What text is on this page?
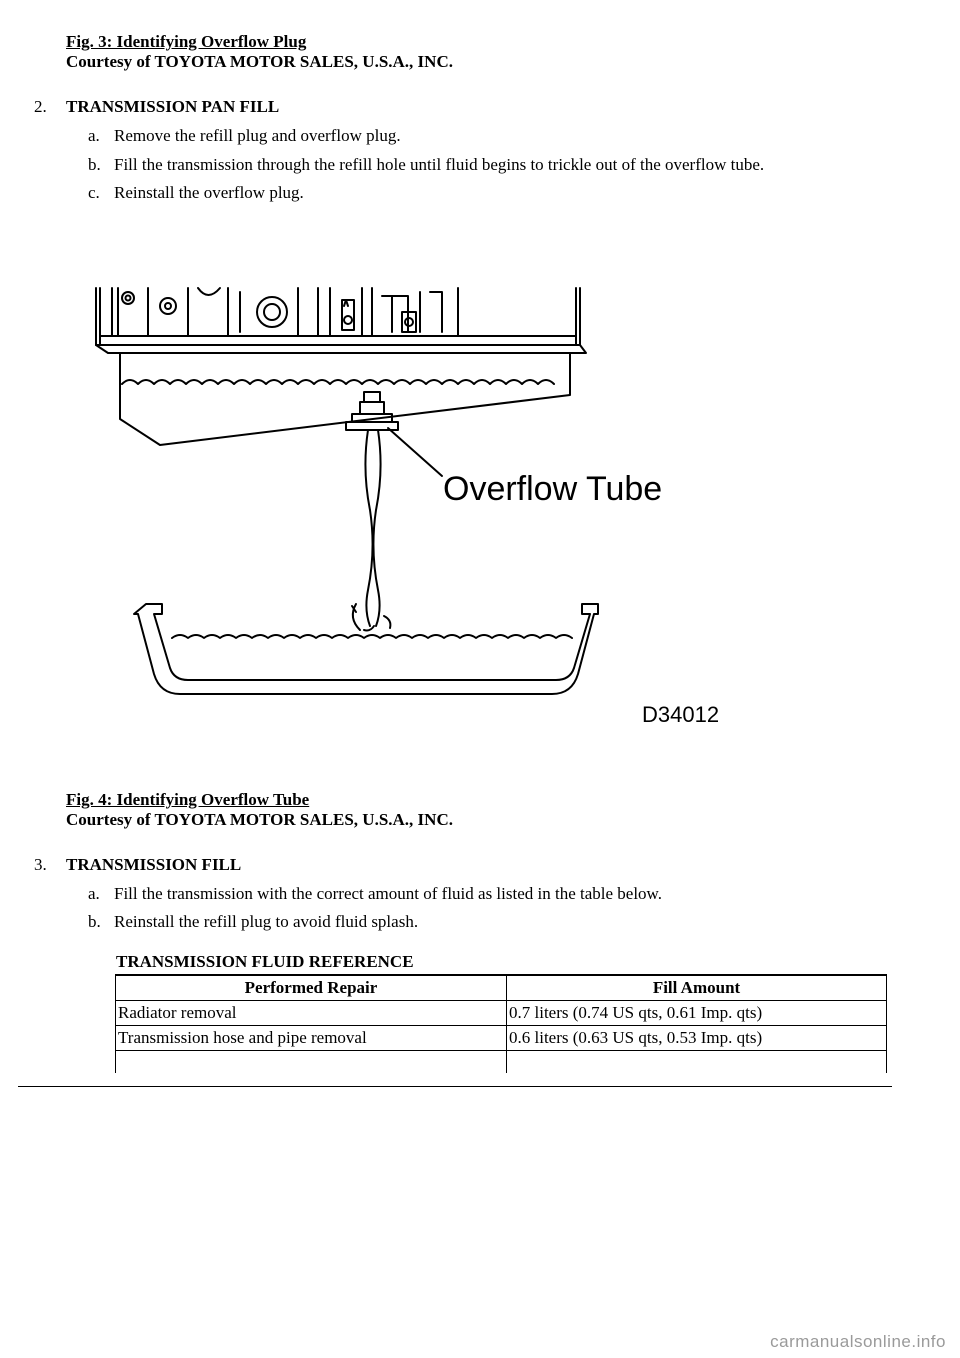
Fig. 3: Identifying Overflow Plug
Courtesy of TOYOTA MOTOR SALES, U.S.A., INC.
2. TRANSMISSION PAN FILL
a. Remove the refill plug and overflow plug.
b. Fill the transmission through the refill hole until fluid begins to trickle out of the overflow tube.
c. Reinstall the overflow plug.
Overflow Tube
D34012
Fig. 4: Identifying Overflow Tube
Courtesy of TOYOTA MOTOR SALES, U.S.A., INC.
3. TRANSMISSION FILL
a. Fill the transmission with the correct amount of fluid as listed in the table below.
b. Reinstall the refill plug to avoid fluid splash.
TRANSMISSION FLUID REFERENCE
Performed Repair	Fill Amount
Radiator removal	0.7 liters (0.74 US qts, 0.61 Imp. qts)
Transmission hose and pipe removal	0.6 liters (0.63 US qts, 0.53 Imp. qts)

carmanualsonline.info
